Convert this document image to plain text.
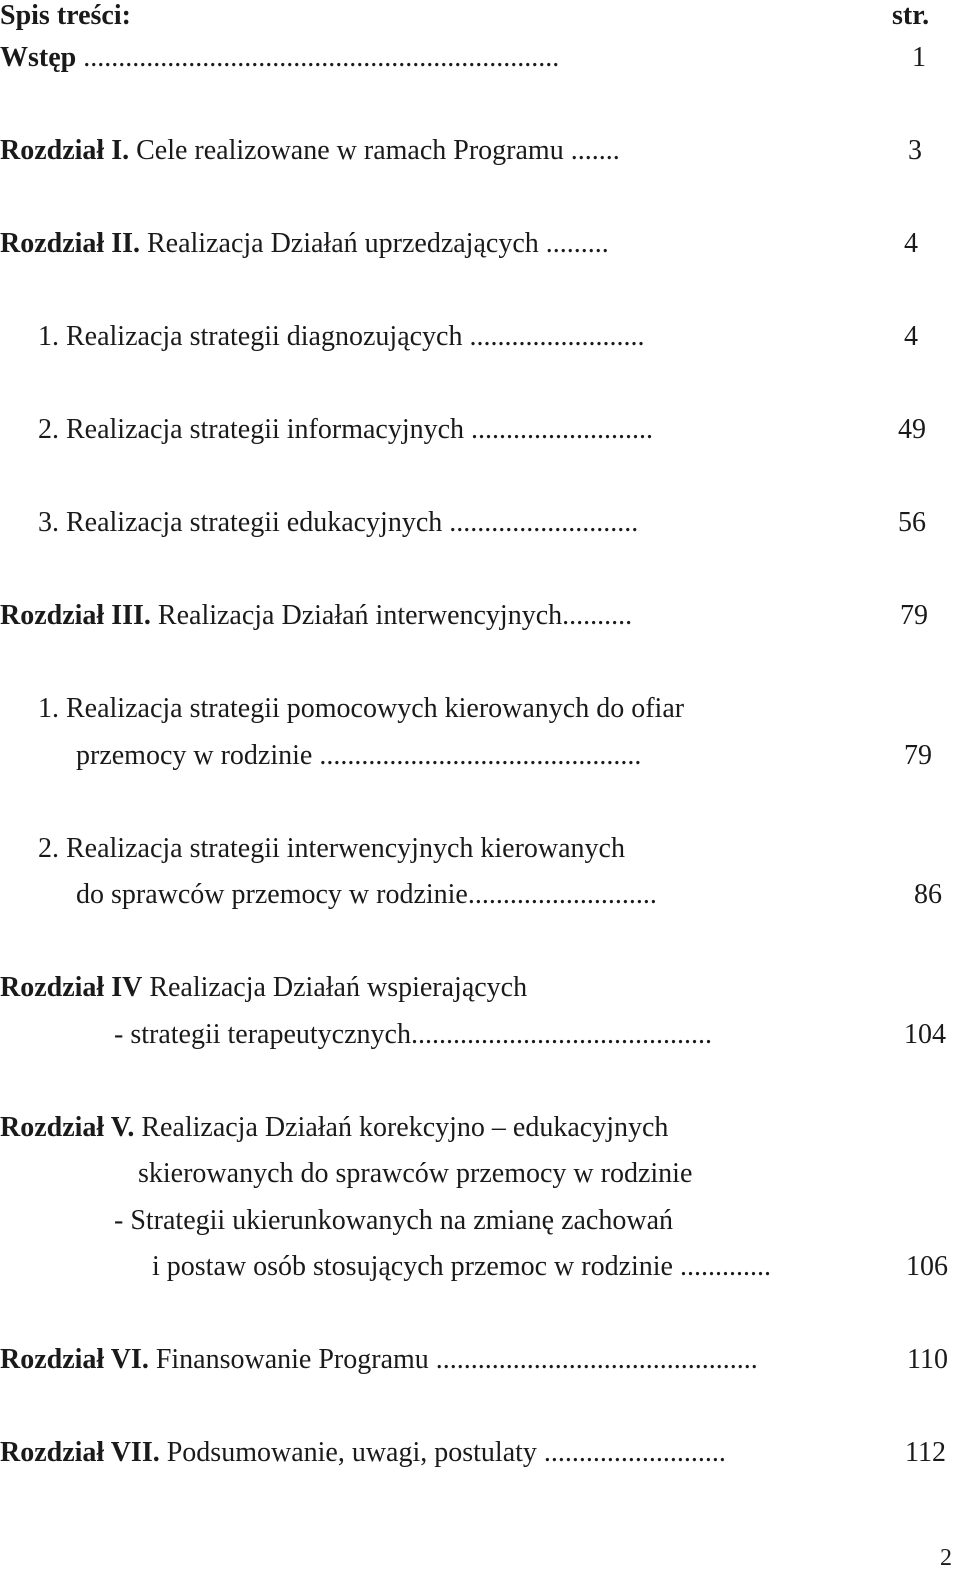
Spis treści:	str.
Wstęp ....................................................................	1
Rozdział I. Cele realizowane w ramach Programu .......	3
Rozdział II. Realizacja Działań uprzedzających .........	4
1. Realizacja strategii diagnozujących .........................	4
2. Realizacja strategii informacyjnych ..........................	49
3. Realizacja strategii edukacyjnych ...........................	56
Rozdział III. Realizacja Działań interwencyjnych..........	79
1. Realizacja strategii pomocowych kierowanych do ofiar
przemocy w rodzinie ..............................................	79
2. Realizacja strategii interwencyjnych kierowanych
do sprawców przemocy w rodzinie...........................	86
Rozdział IV Realizacja Działań wspierających
- strategii terapeutycznych...........................................	104
Rozdział V. Realizacja Działań korekcyjno – edukacyjnych
skierowanych do sprawców przemocy w rodzinie
- Strategii ukierunkowanych na zmianę zachowań
i postaw osób stosujących przemoc w rodzinie .............	106
Rozdział VI. Finansowanie Programu ..............................................	110
Rozdział VII. Podsumowanie, uwagi, postulaty ..........................	112
2
